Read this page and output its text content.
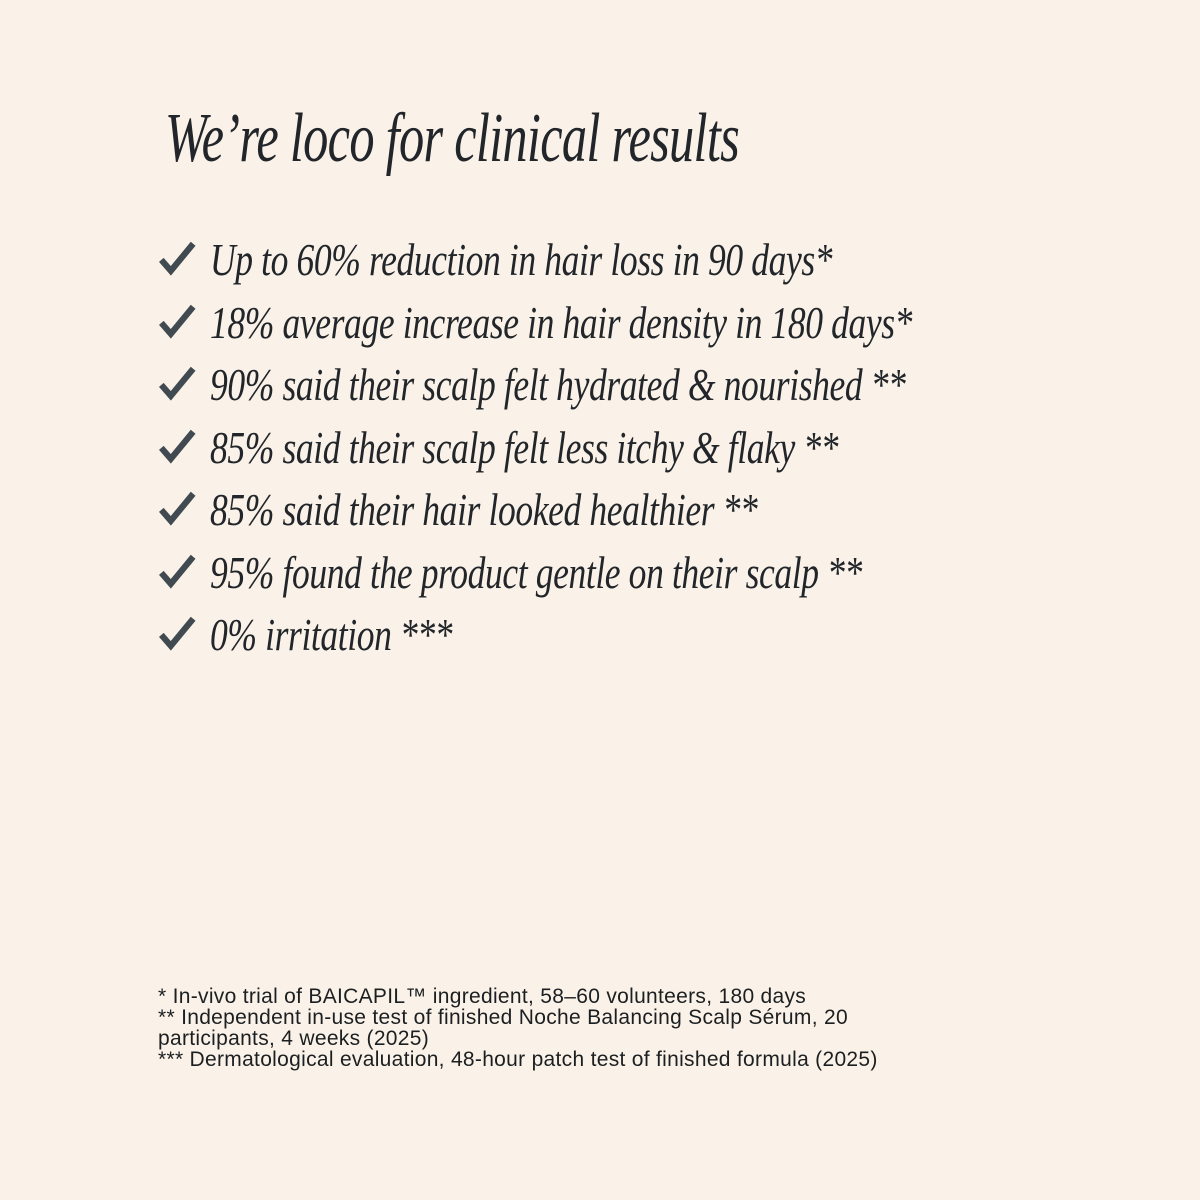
We’re loco for clinical results
Up to 60% reduction in hair loss in 90 days*
18% average increase in hair density in 180 days*
90% said their scalp felt hydrated & nourished **
85% said their scalp felt less itchy & flaky **
85% said their hair looked healthier **
95% found the product gentle on their scalp **
0% irritation ***
* In-vivo trial of BAICAPIL™ ingredient, 58–60 volunteers, 180 days
** Independent in-use test of finished Noche Balancing Scalp Sérum, 20
participants, 4 weeks (2025)
*** Dermatological evaluation, 48-hour patch test of finished formula (2025)
